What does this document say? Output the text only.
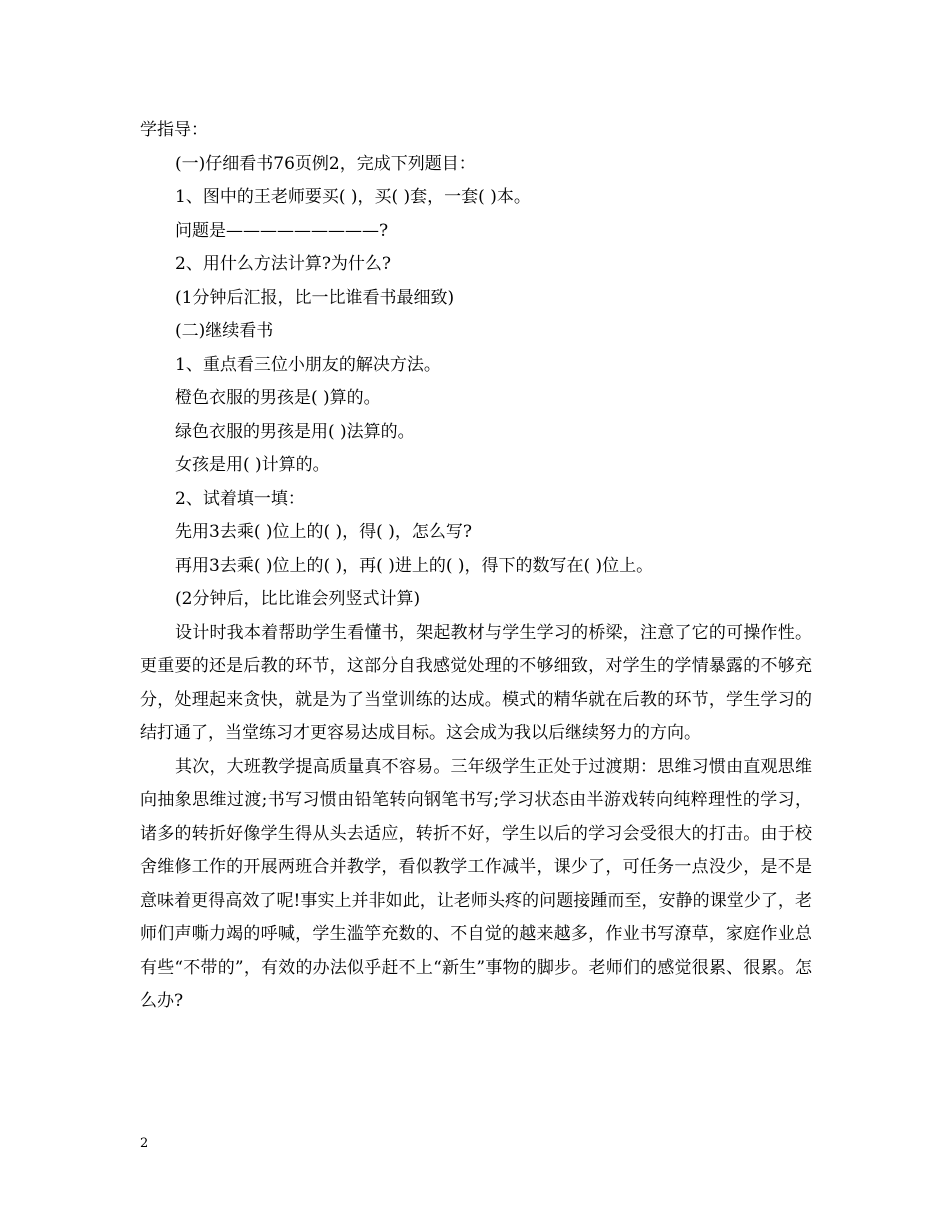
学指导：
(一)仔细看书76页例2，完成下列题目：
1、图中的王老师要买( )，买( )套，一套( )本。
问题是—————————?
2、用什么方法计算?为什么?
(1分钟后汇报，比一比谁看书最细致)
(二)继续看书
1、重点看三位小朋友的解决方法。
橙色衣服的男孩是( )算的。
绿色衣服的男孩是用( )法算的。
女孩是用( )计算的。
2、试着填一填：
先用3去乘( )位上的( )，得( )，怎么写?
再用3去乘( )位上的( )，再( )进上的( )，得下的数写在( )位上。
(2分钟后，比比谁会列竖式计算)

设计时我本着帮助学生看懂书，架起教材与学生学习的桥梁，注意了它的可操作性。更重要的还是后教的环节，这部分自我感觉处理的不够细致，对学生的学情暴露的不够充分，处理起来贪快，就是为了当堂训练的达成。模式的精华就在后教的环节，学生学习的结打通了，当堂练习才更容易达成目标。这会成为我以后继续努力的方向。

其次，大班教学提高质量真不容易。三年级学生正处于过渡期：思维习惯由直观思维向抽象思维过渡;书写习惯由铅笔转向钢笔书写;学习状态由半游戏转向纯粹理性的学习，诸多的转折好像学生得从头去适应，转折不好，学生以后的学习会受很大的打击。由于校舍维修工作的开展两班合并教学，看似教学工作减半，课少了，可任务一点没少，是不是意味着更得高效了呢!事实上并非如此，让老师头疼的问题接踵而至，安静的课堂少了，老师们声嘶力竭的呼喊，学生滥竽充数的、不自觉的越来越多，作业书写潦草，家庭作业总有些“不带的”，有效的办法似乎赶不上“新生”事物的脚步。老师们的感觉很累、很累。怎么办?

2
